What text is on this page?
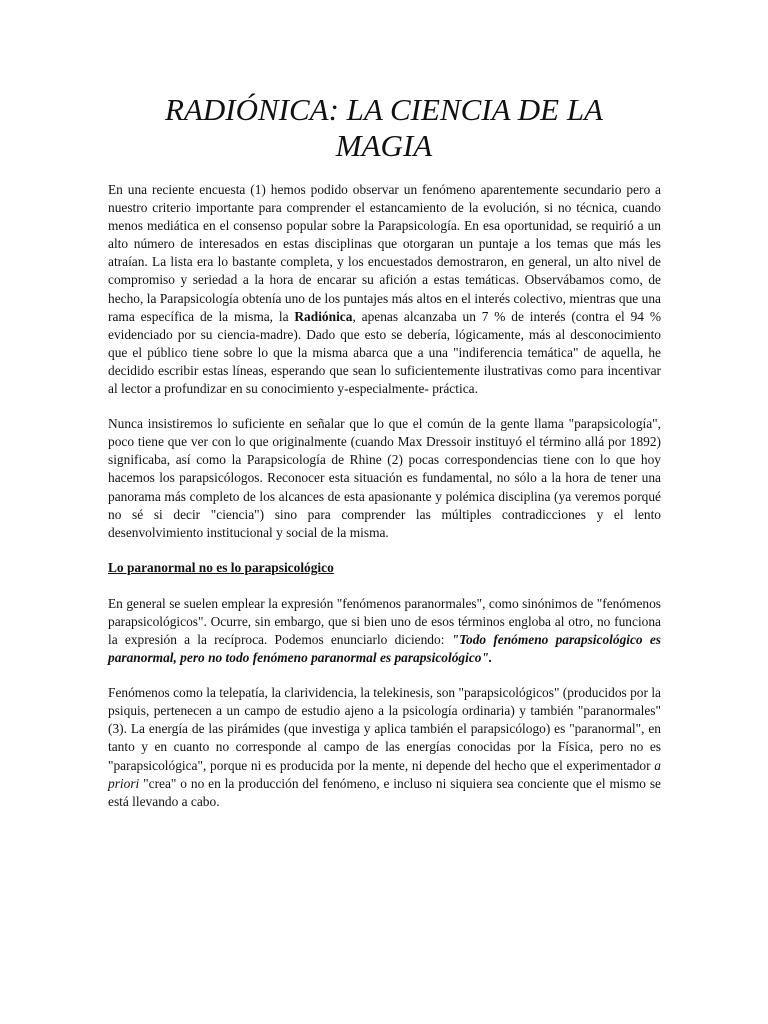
RADIÓNICA: LA CIENCIA DE LA MAGIA

En una reciente encuesta (1) hemos podido observar un fenómeno aparentemente secundario pero a nuestro criterio importante para comprender el estancamiento de la evolución, si no técnica, cuando menos mediática en el consenso popular sobre la Parapsicología. En esa oportunidad, se requirió a un alto número de interesados en estas disciplinas que otorgaran un puntaje a los temas que más les atraían. La lista era lo bastante completa, y los encuestados demostraron, en general, un alto nivel de compromiso y seriedad a la hora de encarar su afición a estas temáticas. Observábamos como, de hecho, la Parapsicología obtenía uno de los puntajes más altos en el interés colectivo, mientras que una rama específica de la misma, la Radiónica, apenas alcanzaba un 7 % de interés (contra el 94 % evidenciado por su ciencia-madre). Dado que esto se debería, lógicamente, más al desconocimiento que el público tiene sobre lo que la misma abarca que a una "indiferencia temática" de aquella, he decidido escribir estas líneas, esperando que sean lo suficientemente ilustrativas como para incentivar al lector a profundizar en su conocimiento y-especialmente- práctica.

Nunca insistiremos lo suficiente en señalar que lo que el común de la gente llama "parapsicología", poco tiene que ver con lo que originalmente (cuando Max Dressoir instituyó el término allá por 1892) significaba, así como la Parapsicología de Rhine (2) pocas correspondencias tiene con lo que hoy hacemos los parapsicólogos. Reconocer esta situación es fundamental, no sólo a la hora de tener una panorama más completo de los alcances de esta apasionante y polémica disciplina (ya veremos porqué no sé si decir "ciencia") sino para comprender las múltiples contradicciones y el lento desenvolvimiento institucional y social de la misma.

Lo paranormal no es lo parapsicológico

En general se suelen emplear la expresión "fenómenos paranormales", como sinónimos de "fenómenos parapsicológicos". Ocurre, sin embargo, que si bien uno de esos términos engloba al otro, no funciona la expresión a la recíproca. Podemos enunciarlo diciendo: "Todo fenómeno parapsicológico es paranormal, pero no todo fenómeno paranormal es parapsicológico".

Fenómenos como la telepatía, la clarividencia, la telekinesis, son "parapsicológicos" (producidos por la psiquis, pertenecen a un campo de estudio ajeno a la psicología ordinaria) y también "paranormales" (3). La energía de las pirámides (que investiga y aplica también el parapsicólogo) es "paranormal", en tanto y en cuanto no corresponde al campo de las energías conocidas por la Física, pero no es "parapsicológica", porque ni es producida por la mente, ni depende del hecho que el experimentador a priori "crea" o no en la producción del fenómeno, e incluso ni siquiera sea conciente que el mismo se está llevando a cabo.
